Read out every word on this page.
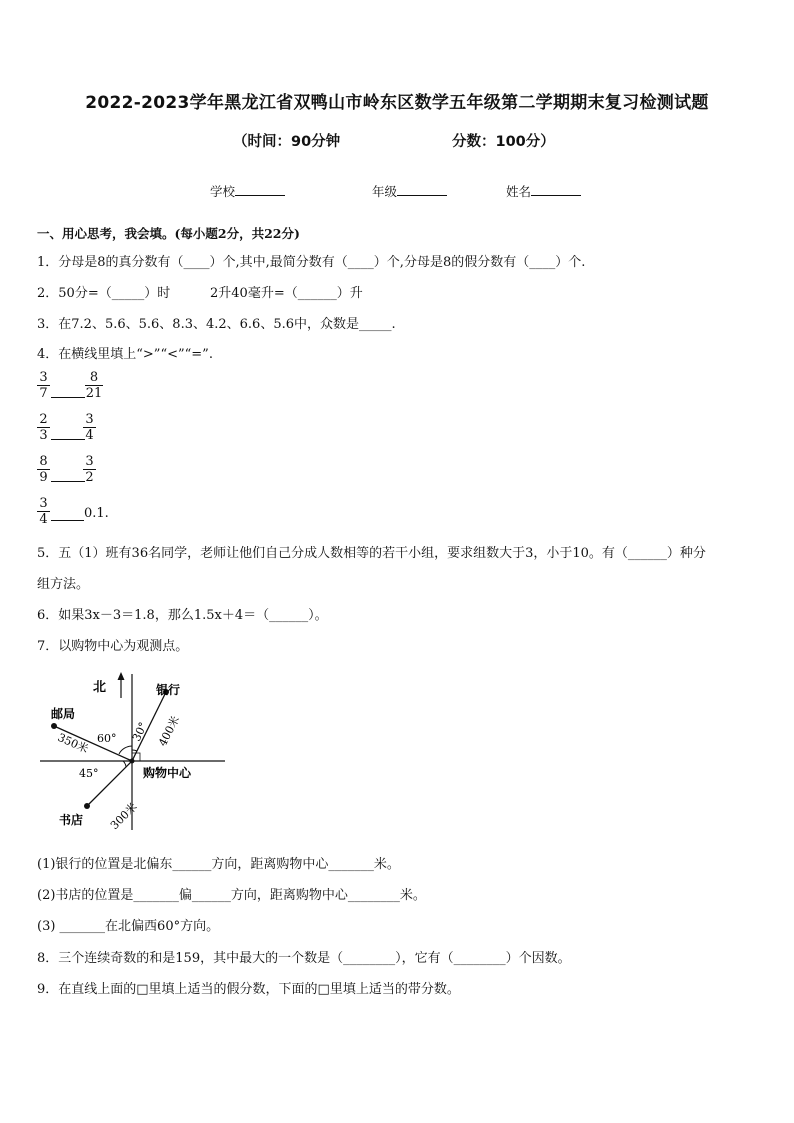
2022-2023学年黑龙江省双鸭山市岭东区数学五年级第二学期期末复习检测试题
（时间：90分钟	分数：100分）
学校	年级	姓名
一、用心思考，我会填。(每小题2分，共22分)
1．分母是8的真分数有（____）个,其中,最简分数有（____）个,分母是8的假分数有（____）个.
2．50分=（_____）时	2升40毫升=（______）升
3．在7.2、5.6、5.6、8.3、4.2、6.6、5.6中，众数是_____.
4．在横线里填上“>”“<”“=”.
3
7
8
21
2
3
3
4
8
9
3
2
3
4	0.1.
5．五（1）班有36名同学，老师让他们自己分成人数相等的若干小组，要求组数大于3，小于10。有（______）种分
组方法。
6．如果3x－3＝1.8，那么1.5x＋4＝（______）。
7．以购物中心为观测点。
北	银行
邮局
书店
购物中心
60°
45°
30° 400米
350米
300米
(1)银行的位置是北偏东______方向，距离购物中心_______米。
(2)书店的位置是_______偏______方向，距离购物中心________米。
(3) _______在北偏西60°方向。
8．三个连续奇数的和是159，其中最大的一个数是（________），它有（________）个因数。
9．在直线上面的□里填上适当的假分数，下面的□里填上适当的带分数。
